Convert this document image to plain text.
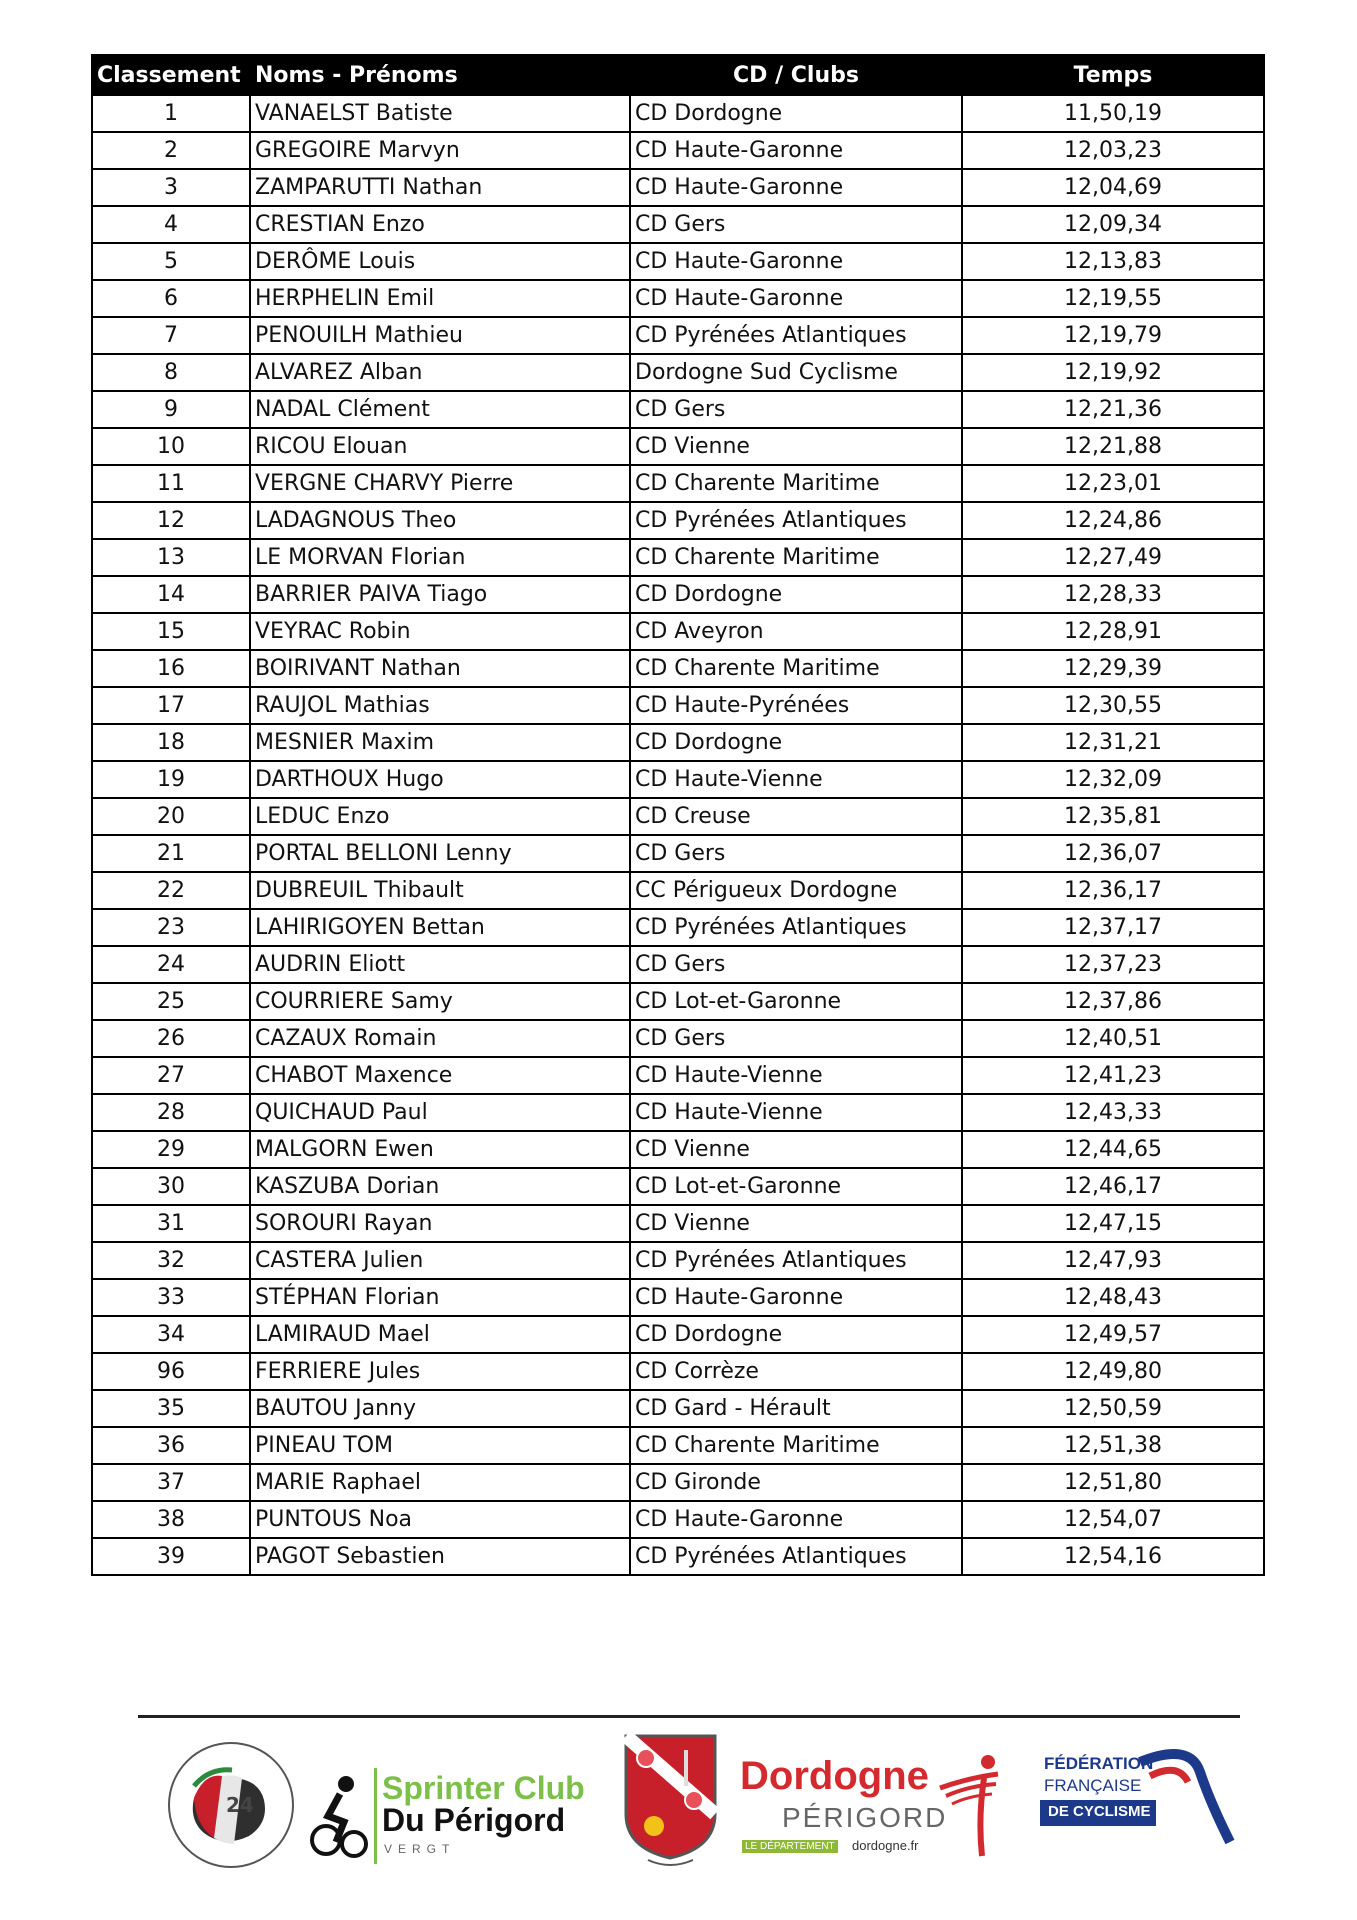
Classement	Noms - Prénoms	CD / Clubs	Temps
1	VANAELST Batiste	CD Dordogne	11,50,19
2	GREGOIRE Marvyn	CD Haute-Garonne	12,03,23
3	ZAMPARUTTI Nathan	CD Haute-Garonne	12,04,69
4	CRESTIAN Enzo	CD Gers	12,09,34
5	DERÔME Louis	CD Haute-Garonne	12,13,83
6	HERPHELIN Emil	CD Haute-Garonne	12,19,55
7	PENOUILH Mathieu	CD Pyrénées Atlantiques	12,19,79
8	ALVAREZ Alban	Dordogne Sud Cyclisme	12,19,92
9	NADAL Clément	CD Gers	12,21,36
10	RICOU Elouan	CD Vienne	12,21,88
11	VERGNE CHARVY Pierre	CD Charente Maritime	12,23,01
12	LADAGNOUS Theo	CD Pyrénées Atlantiques	12,24,86
13	LE MORVAN Florian	CD Charente Maritime	12,27,49
14	BARRIER PAIVA Tiago	CD Dordogne	12,28,33
15	VEYRAC Robin	CD Aveyron	12,28,91
16	BOIRIVANT Nathan	CD Charente Maritime	12,29,39
17	RAUJOL Mathias	CD Haute-Pyrénées	12,30,55
18	MESNIER Maxim	CD Dordogne	12,31,21
19	DARTHOUX Hugo	CD Haute-Vienne	12,32,09
20	LEDUC Enzo	CD Creuse	12,35,81
21	PORTAL BELLONI Lenny	CD Gers	12,36,07
22	DUBREUIL Thibault	CC Périgueux Dordogne	12,36,17
23	LAHIRIGOYEN Bettan	CD Pyrénées Atlantiques	12,37,17
24	AUDRIN Eliott	CD Gers	12,37,23
25	COURRIERE Samy	CD Lot-et-Garonne	12,37,86
26	CAZAUX Romain	CD Gers	12,40,51
27	CHABOT Maxence	CD Haute-Vienne	12,41,23
28	QUICHAUD Paul	CD Haute-Vienne	12,43,33
29	MALGORN Ewen	CD Vienne	12,44,65
30	KASZUBA Dorian	CD Lot-et-Garonne	12,46,17
31	SOROURI Rayan	CD Vienne	12,47,15
32	CASTERA Julien	CD Pyrénées Atlantiques	12,47,93
33	STÉPHAN Florian	CD Haute-Garonne	12,48,43
34	LAMIRAUD Mael	CD Dordogne	12,49,57
96	FERRIERE Jules	CD Corrèze	12,49,80
35	BAUTOU Janny	CD Gard - Hérault	12,50,59
36	PINEAU TOM	CD Charente Maritime	12,51,38
37	MARIE Raphael	CD Gironde	12,51,80
38	PUNTOUS Noa	CD Haute-Garonne	12,54,07
39	PAGOT Sebastien	CD Pyrénées Atlantiques	12,54,16
24	Sprinter Club
Du Périgord
VERGT
Dordogne
PÉRIGORD
LE DÉPARTEMENT dordogne.fr
FÉDÉRATION
FRANÇAISE
DE CYCLISME
